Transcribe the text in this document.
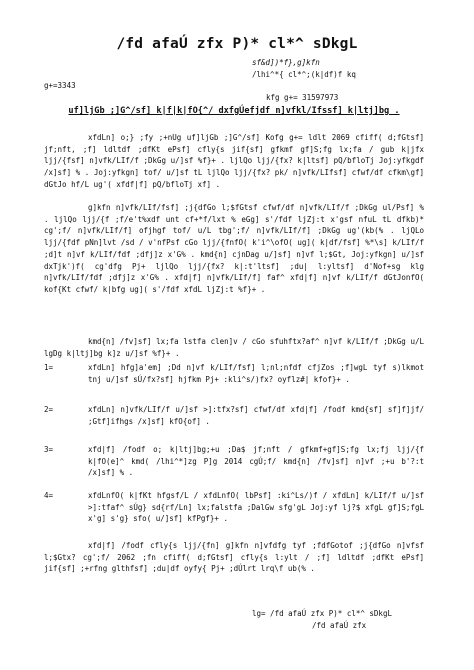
/fd afaÚ zfx P)* cl*^ sDkgL
sf&d])*f},g]kfn
/lhi^*{ cl*^;(k|df)f kq
g+=3343
kfg g+= 31597973
uf]ljGb ;]G^/sf] k|f|k|fO{^/ dxfgÚefjdf n]vfkl/Ifssf] k|ltj]bg .

xfdLn] o;} ;fy ;+nUg uf]ljGb ;]G^/sf] Kofg g+= ldlt 2069 cfiff( d;fGtsf] jf;nft, ;f] ldltdf ;dfKt ePsf] cfly{s jif{sf] gfkmf gf]S;fg lx;fa / gub k|jfx ljj/{fsf] n]vfk/LIf/f ;DkGg u/]sf %f}+ . ljlQo ljj/{fx? k|ltsf] pQ/bfloTj Joj:yfkgdf /x]sf] % . Joj:yfkgn] tof/ u/]sf tL ljlQo ljj/{fx? pk/ n]vfk/LIfsf] cfwf/df cfkm\gf] dGtJo hf/L ug'( xfdf|f] pQ/bfloTj xf] .

g]kfn n]vfk/LIf/fsf] ;j{dfGo l;$fGtsf cfwf/df n]vfk/LIf/f ;DkGg ul/Psf] % . ljlQo ljj/{f ;f/e't%xdf unt cf+*f/lxt % eGg] s'/fdf ljZj:t x'gsf nfuL tL dfkb)* cg';f/ n]vfk/LIf/f] ofjhgf tof/ u/L tbg';f/ n]vfk/LIf/f] ;DkGg ug'(kb(% . ljQLo ljj/{fdf pNn]lvt /sd / v'nfPsf cGo ljj/{fnfO( k'i^\ofO( ug]( k|df/fsf] %*\s] k/LIf/f ;d]t n]vf k/LIf/fdf ;dfj]z x'G% . kmd{n] cjnDag u/]sf] n]vf l;$Gt, Joj:yfkgn] u/]sf dxTjk')f( cg'dfg Pj+ ljlQo ljj/{fx? k|:t'ltsf] ;du| l:yltsf] d'Nof+sg klg n]vfk/LIf/fdf ;dfj]z x'G% . xfd|f] n]vfk/LIf/f] faf^ xfd|f] n]vf k/LIf/f dGtJonfO( kof{Kt cfwf/ k|bfg ug]( s'/fdf xfdL ljZj:t %f}+ .

kmd{n] /fv]sf] lx;fa lstfa clen]v / cGo sfuhftx?af^ n]vf k/LIf/f ;DkGg u/L lgDg k|ltj]bg k]z u/]sf %f}+ .

1=	xfdLn] hfg]a'em] ;Dd n]vf k/LIf/fsf] l;nl;nfdf cfjZos ;f]wgL tyf s)lkmot tnj u/]sf sÚ/fx?sf] hjfkm Pj+ :kli^s/)fx? oyflz#| kfof}+ .
2=	xfdLn] n]vfk/LIf/f u/]sf >]:tfx?sf] cfwf/df xfd|f] /fodf kmd{sf] sf]f]jf/ ;Gtf]ifhgs /x]sf] kfO{of] .
3=	xfd|f] /fodf o; k|ltj]bg;+u ;Da$ jf;nft / gfkmf+gf]S;fg lx;fj ljj/{f k|fO(e]^ kmd( /lhi^*]zg P]g 2014 cgÚ;f/ kmd{n] /fv]sf] n]vf ;+u b'?:t /x]sf] % .
4=	xfdLnfO( k|fKt hfgsf/L / xfdLnfO( lbPsf] :ki^Ls/)f / xfdLn] k/LIf/f u/]sf >]:tfaf^ sÚg} sd{rf/Ln] lx;falstfa ;DalGw sfg'gL Joj:yf lj?$ xfgL gf]S;fgL x'g] s'g} sfo( u/]sf] kfPgf}+ .

xfd|f] /fodf cfly{s ljj/{fn] g]kfn n]vfdfg tyf ;fdfGotof ;j{dfGo n]vfsf l;$Gtx? cg';f/ 2062 ;fn cfiff( d;fGtsf] cfly{s l:ylt / ;f] ldltdf ;dfKt ePsf] jif{sf] ;+rfng glthfsf] ;du|df oyfy{ Pj+ ;dÚlrt lrq\f ub(% .

lg= /fd afaÚ zfx P)* cl*^ sDkgL
/fd afaÚ zfx
